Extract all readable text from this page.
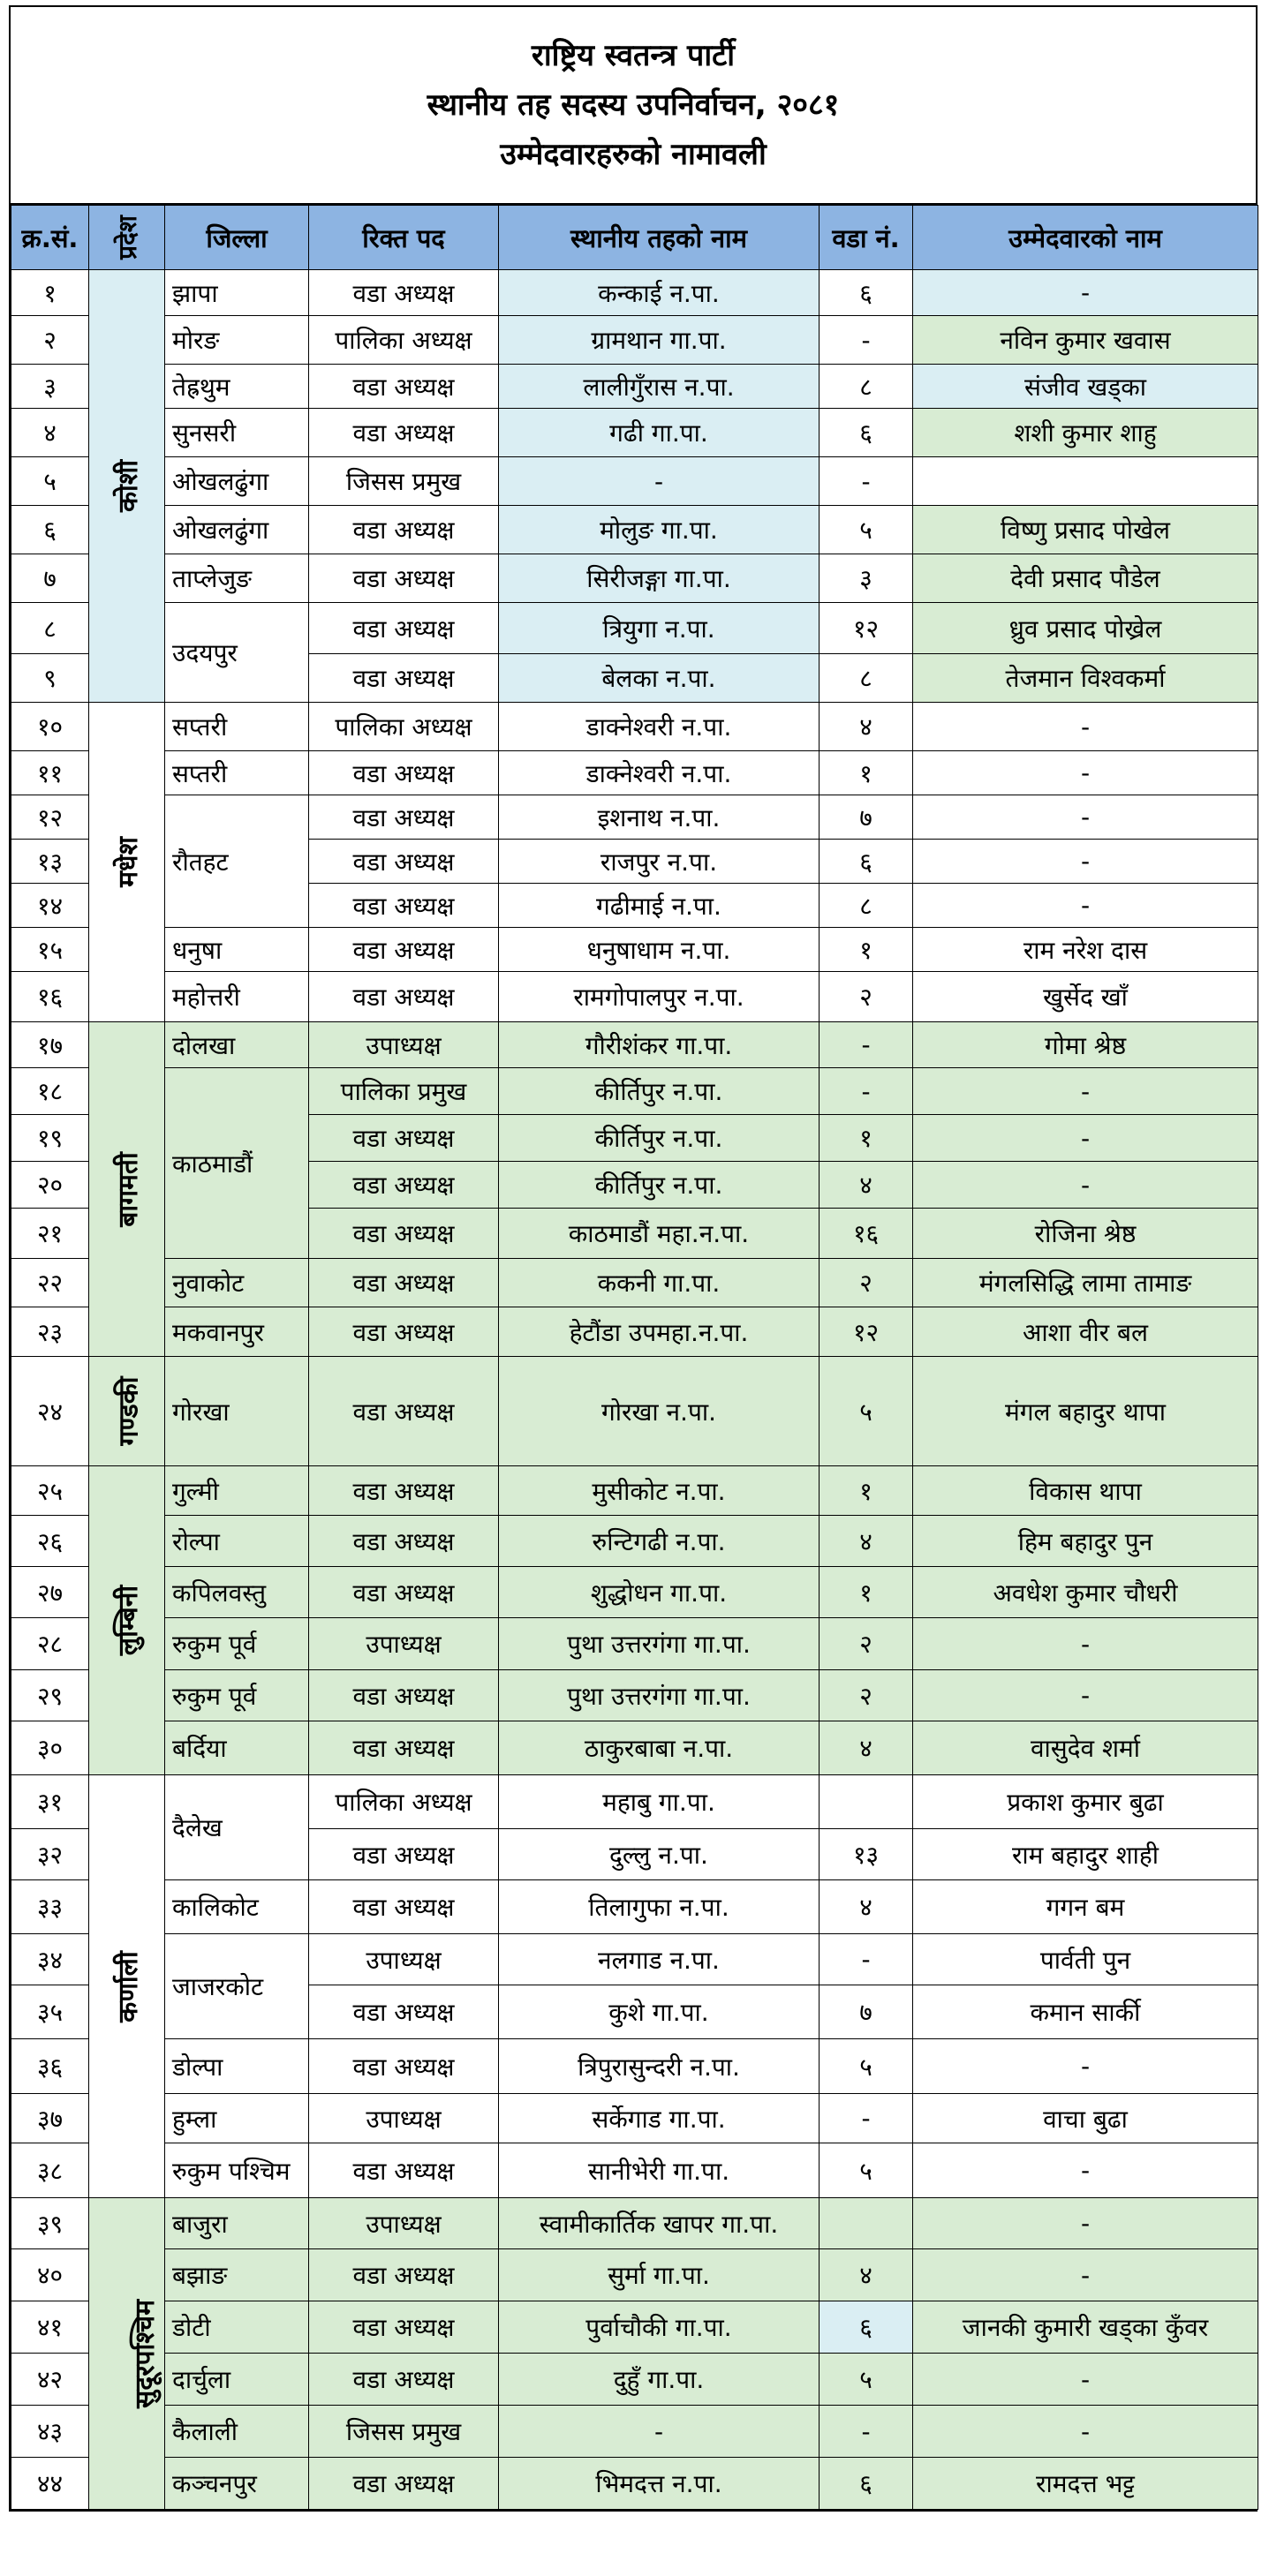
राष्ट्रिय स्वतन्त्र पार्टी
स्थानीय तह सदस्य उपनिर्वाचन, २०८१
उम्मेदवारहरुको नामावली
क्र.सं.	प्रदेश	जिल्ला	रिक्त पद	स्थानीय तहको नाम	वडा नं.	उम्मेदवारको नाम
१	कोशी	झापा	वडा अध्यक्ष	कन्काई न.पा.	६	-
२		मोरङ	पालिका अध्यक्ष	ग्रामथान गा.पा.	-	नविन कुमार खवास
३		तेह्रथुम	वडा अध्यक्ष	लालीगुँरास न.पा.	८	संजीव खड्का
४		सुनसरी	वडा अध्यक्ष	गढी गा.पा.	६	शशी कुमार शाहु
५		ओखलढुंगा	जिसस प्रमुख	-	-	
६		ओखलढुंगा	वडा अध्यक्ष	मोलुङ गा.पा.	५	विष्णु प्रसाद पोखेल
७		ताप्लेजुङ	वडा अध्यक्ष	सिरीजङ्गा गा.पा.	३	देवी प्रसाद पौडेल
८		उदयपुर	वडा अध्यक्ष	त्रियुगा न.पा.	१२	ध्रुव प्रसाद पोख्रेल
९			वडा अध्यक्ष	बेलका न.पा.	८	तेजमान विश्वकर्मा
१०	मधेश	सप्तरी	पालिका अध्यक्ष	डाक्नेश्वरी न.पा.	४	-
११		सप्तरी	वडा अध्यक्ष	डाक्नेश्वरी न.पा.	१	-
१२		रौतहट	वडा अध्यक्ष	इशनाथ न.पा.	७	-
१३			वडा अध्यक्ष	राजपुर न.पा.	६	-
१४			वडा अध्यक्ष	गढीमाई न.पा.	८	-
१५		धनुषा	वडा अध्यक्ष	धनुषाधाम न.पा.	१	राम नरेश दास
१६		महोत्तरी	वडा अध्यक्ष	रामगोपालपुर न.पा.	२	खुर्सेद खाँ
१७	बागमती	दोलखा	उपाध्यक्ष	गौरीशंकर गा.पा.	-	गोमा श्रेष्ठ
१८		काठमाडौं	पालिका प्रमुख	कीर्तिपुर न.पा.	-	-
१९			वडा अध्यक्ष	कीर्तिपुर न.पा.	१	-
२०			वडा अध्यक्ष	कीर्तिपुर न.पा.	४	-
२१			वडा अध्यक्ष	काठमाडौं महा.न.पा.	१६	रोजिना श्रेष्ठ
२२		नुवाकोट	वडा अध्यक्ष	ककनी गा.पा.	२	मंगलसिद्धि लामा तामाङ
२३		मकवानपुर	वडा अध्यक्ष	हेटौंडा उपमहा.न.पा.	१२	आशा वीर बल
२४	गण्डकी	गोरखा	वडा अध्यक्ष	गोरखा न.पा.	५	मंगल बहादुर थापा
२५	लुम्बिनी	गुल्मी	वडा अध्यक्ष	मुसीकोट न.पा.	१	विकास थापा
२६		रोल्पा	वडा अध्यक्ष	रुन्टिगढी न.पा.	४	हिम बहादुर पुन
२७		कपिलवस्तु	वडा अध्यक्ष	शुद्धोधन गा.पा.	१	अवधेश कुमार चौधरी
२८		रुकुम पूर्व	उपाध्यक्ष	पुथा उत्तरगंगा गा.पा.	२	-
२९		रुकुम पूर्व	वडा अध्यक्ष	पुथा उत्तरगंगा गा.पा.	२	-
३०		बर्दिया	वडा अध्यक्ष	ठाकुरबाबा न.पा.	४	वासुदेव शर्मा
३१	कर्णाली	दैलेख	पालिका अध्यक्ष	महाबु गा.पा.		प्रकाश कुमार बुढा
३२			वडा अध्यक्ष	दुल्लु न.पा.	१३	राम बहादुर शाही
३३		कालिकोट	वडा अध्यक्ष	तिलागुफा न.पा.	४	गगन बम
३४		जाजरकोट	उपाध्यक्ष	नलगाड न.पा.	-	पार्वती पुन
३५			वडा अध्यक्ष	कुशे गा.पा.	७	कमान सार्की
३६		डोल्पा	वडा अध्यक्ष	त्रिपुरासुन्दरी न.पा.	५	-
३७		हुम्ला	उपाध्यक्ष	सर्केगाड गा.पा.	-	वाचा बुढा
३८		रुकुम पश्चिम	वडा अध्यक्ष	सानीभेरी गा.पा.	५	-
३९	सुदूरपश्चिम	बाजुरा	उपाध्यक्ष	स्वामीकार्तिक खापर गा.पा.		-
४०		बझाङ	वडा अध्यक्ष	सुर्मा गा.पा.	४	-
४१		डोटी	वडा अध्यक्ष	पुर्वाचौकी गा.पा.	६	जानकी कुमारी खड्का कुँवर
४२		दार्चुला	वडा अध्यक्ष	दुहुँ गा.पा.	५	-
४३		कैलाली	जिसस प्रमुख	-	-	-
४४		कञ्चनपुर	वडा अध्यक्ष	भिमदत्त न.पा.	६	रामदत्त भट्ट
